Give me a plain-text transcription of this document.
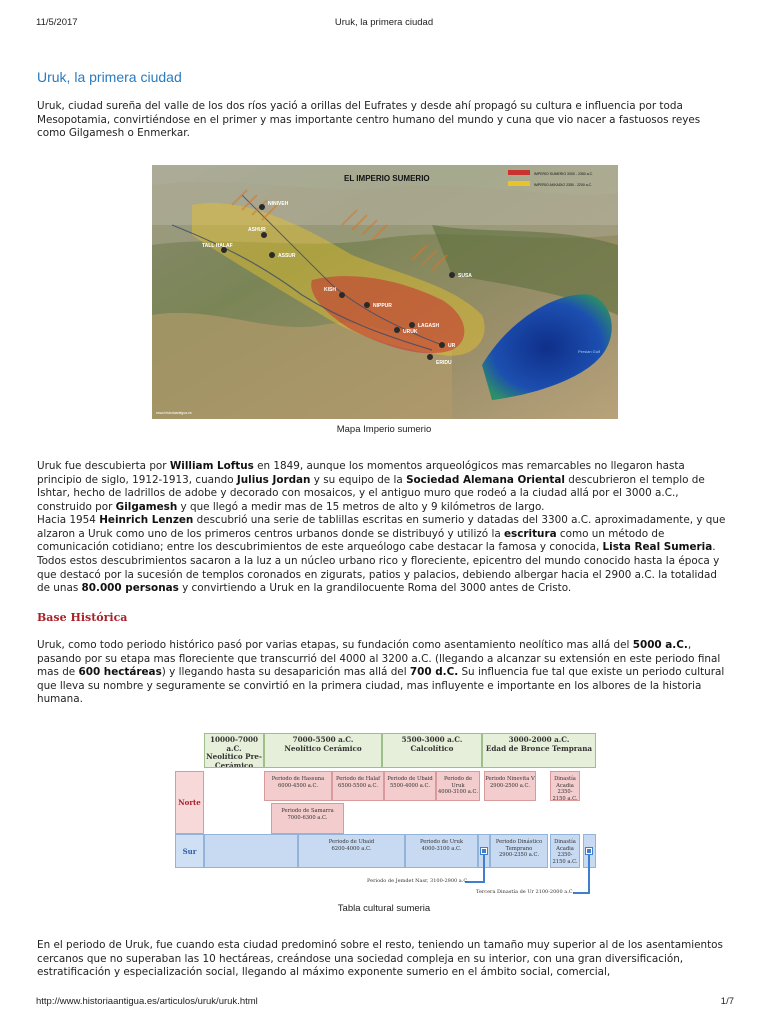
11/5/2017	Uruk, la primera ciudad
Uruk, la primera ciudad

Uruk, ciudad sureña del valle de los dos ríos yació a orillas del Eufrates y desde ahí propagó su cultura e influencia por toda Mesopotamia, convirtiéndose en el primer y mas importante centro humano del mundo y cuna que vio nacer a fastuosos reyes como Gilgamesh o Enmerkar.

Mapa Imperio sumerio

Uruk fue descubierta por William Loftus en 1849, aunque los momentos arqueológicos mas remarcables no llegaron hasta principio de siglo, 1912-1913, cuando Julius Jordan y su equipo de la Sociedad Alemana Oriental descubrieron el templo de Ishtar, hecho de ladrillos de adobe y decorado con mosaicos, y el antiguo muro que rodeó a la ciudad allá por el 3000 a.C., construido por Gilgamesh y que llegó a medir mas de 15 metros de alto y 9 kilómetros de largo.

Hacia 1954 Heinrich Lenzen descubrió una serie de tablillas escritas en sumerio y datadas del 3300 a.C. aproximadamente, y que alzaron a Uruk como uno de los primeros centros urbanos donde se distribuyó y utilizó la escritura como un método de comunicación cotidiano; entre los descubrimientos de este arqueólogo cabe destacar la famosa y conocida, Lista Real Sumeria.

Todos estos descubrimientos sacaron a la luz a un núcleo urbano rico y floreciente, epicentro del mundo conocido hasta la época y que destacó por la sucesión de templos coronados en zigurats, patios y palacios, debiendo albergar hacia el 2900 a.C. la totalidad de unas 80.000 personas y convirtiendo a Uruk en la grandilocuente Roma del 3000 antes de Cristo.

Base Histórica

Uruk, como todo periodo histórico pasó por varias etapas, su fundación como asentamiento neolítico mas allá del 5000 a.C., pasando por su etapa mas floreciente que transcurrió del 4000 al 3200 a.C. (llegando a alcanzar su extensión en este periodo final mas de 600 hectáreas) y llegando hasta su desaparición mas allá del 700 d.C. Su influencia fue tal que existe un periodo cultural que lleva su nombre y seguramente se convirtió en la primera ciudad, mas influyente e importante en los albores de la historia humana.

Tabla cultural sumeria

En el periodo de Uruk, fue cuando esta ciudad predominó sobre el resto, teniendo un tamaño muy superior al de los asentamientos cercanos que no superaban las 10 hectáreas, creándose una sociedad compleja en su interior, con una gran diversificación, estratificación y especialización social, llegando al máximo exponente sumerio en el ámbito social, comercial,

NINIVEH
TALL HALAF
ASHUR
ASSUR
SUSA
LAGASH
UR
ERIDU
KISH
NIPPUR
URUK
Persian Gulf
EL IMPERIO SUMERIO	IMPERIO SUMERIO 3300 - 2350 a.C.
IMPERIO AKKADIO 2350 - 2200 a.C.
www.historiaantigua.es
10000-7000 a.C.
Neolítico Pre-Cerámico
7000-5500 a.C.
Neolítico Cerámico
5500-3000 a.C.
Calcolítico
3000-2000 a.C.
Edad de Bronce Temprana
Norte
Sur
Periodo de Hassuna
6000-4500 a.C.
Periodo de Halaf
6500-5500 a.C.
Periodo de Ubaid
5500-4000 a.C.
Periodo de Uruk
4000-3100 a.C.
Periodo Ninevita V
2900-2500 a.C.
Dinastía Acadia
2350-2150 a.C.
Periodo de Samarra
7000-6300 a.C.
Periodo de Ubaid
6200-4000 a.C.
Periodo de Uruk
4000-3100 a.C.
Periodo Dinástico Temprano
2900-2350 a.C.
Dinastía Acadia
2350-2150 a.C.
Periodo de Jemdet Nasr, 3100-2900 a.C.
Tercera Dinastía de Ur 2100-2000 a.C.
http://www.historiaantigua.es/articulos/uruk/uruk.html	1/7
